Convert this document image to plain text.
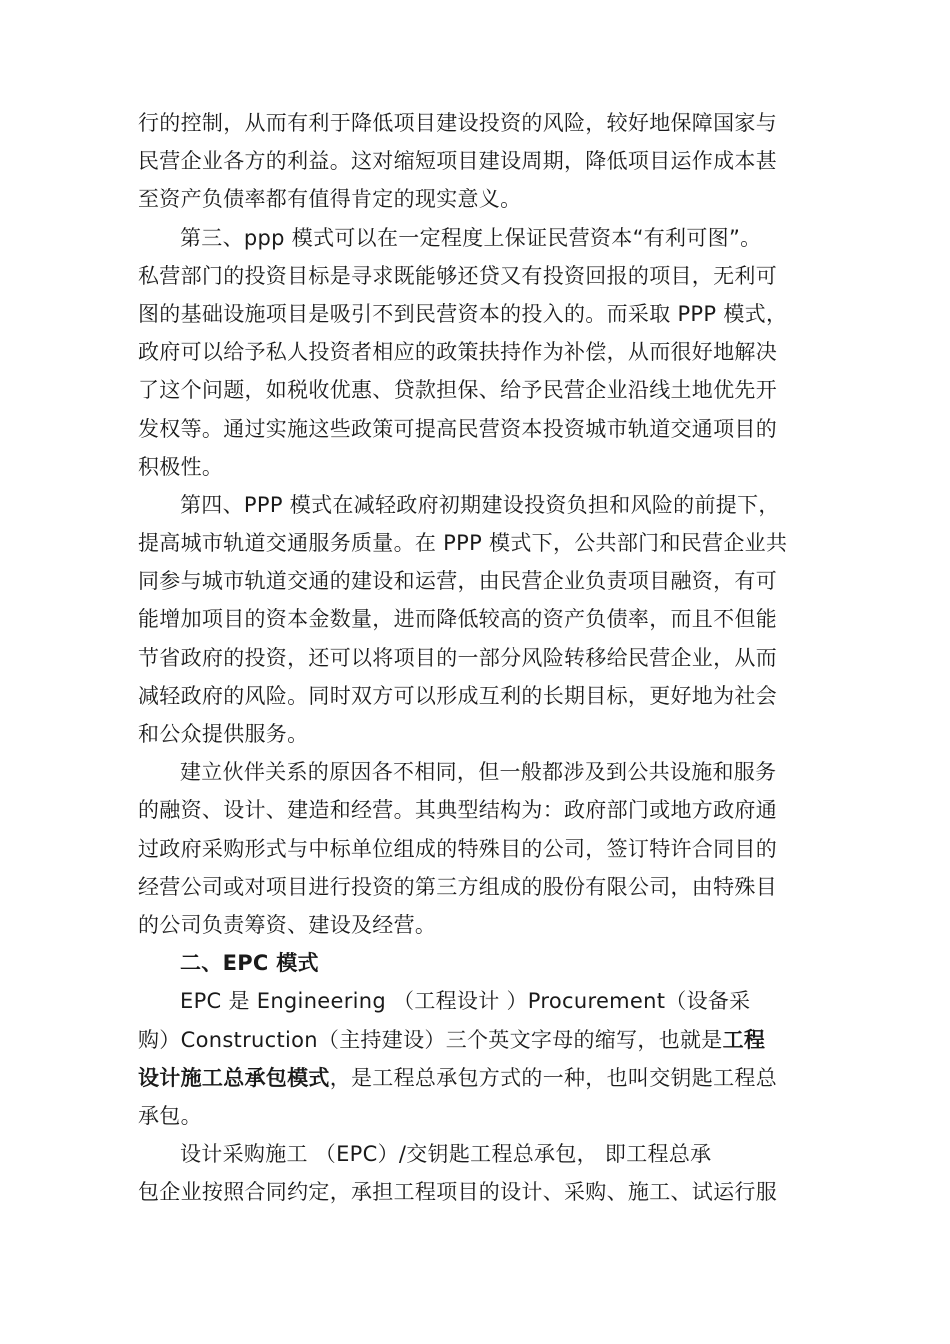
行的控制，从而有利于降低项目建设投资的风险，较好地保障国家与
民营企业各方的利益。这对缩短项目建设周期，降低项目运作成本甚
至资产负债率都有值得肯定的现实意义。
第三、ppp 模式可以在一定程度上保证民营资本“有利可图”。
私营部门的投资目标是寻求既能够还贷又有投资回报的项目，无利可
图的基础设施项目是吸引不到民营资本的投入的。而采取 PPP 模式，
政府可以给予私人投资者相应的政策扶持作为补偿，从而很好地解决
了这个问题，如税收优惠、贷款担保、给予民营企业沿线土地优先开
发权等。通过实施这些政策可提高民营资本投资城市轨道交通项目的
积极性。
第四、PPP 模式在减轻政府初期建设投资负担和风险的前提下，
提高城市轨道交通服务质量。在 PPP 模式下，公共部门和民营企业共
同参与城市轨道交通的建设和运营，由民营企业负责项目融资，有可
能增加项目的资本金数量，进而降低较高的资产负债率，而且不但能
节省政府的投资，还可以将项目的一部分风险转移给民营企业，从而
减轻政府的风险。同时双方可以形成互利的长期目标，更好地为社会
和公众提供服务。
建立伙伴关系的原因各不相同，但一般都涉及到公共设施和服务
的融资、设计、建造和经营。其典型结构为：政府部门或地方政府通
过政府采购形式与中标单位组成的特殊目的公司，签订特许合同目的
经营公司或对项目进行投资的第三方组成的股份有限公司，由特殊目
的公司负责筹资、建设及经营。
二、EPC 模式
EPC 是 Engineering （工程设计 ）Procurement（设备采
购）Construction（主持建设）三个英文字母的缩写，也就是工程
设计施工总承包模式，是工程总承包方式的一种，也叫交钥匙工程总
承包。
设计采购施工 （EPC）/交钥匙工程总承包， 即工程总承
包企业按照合同约定，承担工程项目的设计、采购、施工、试运行服
